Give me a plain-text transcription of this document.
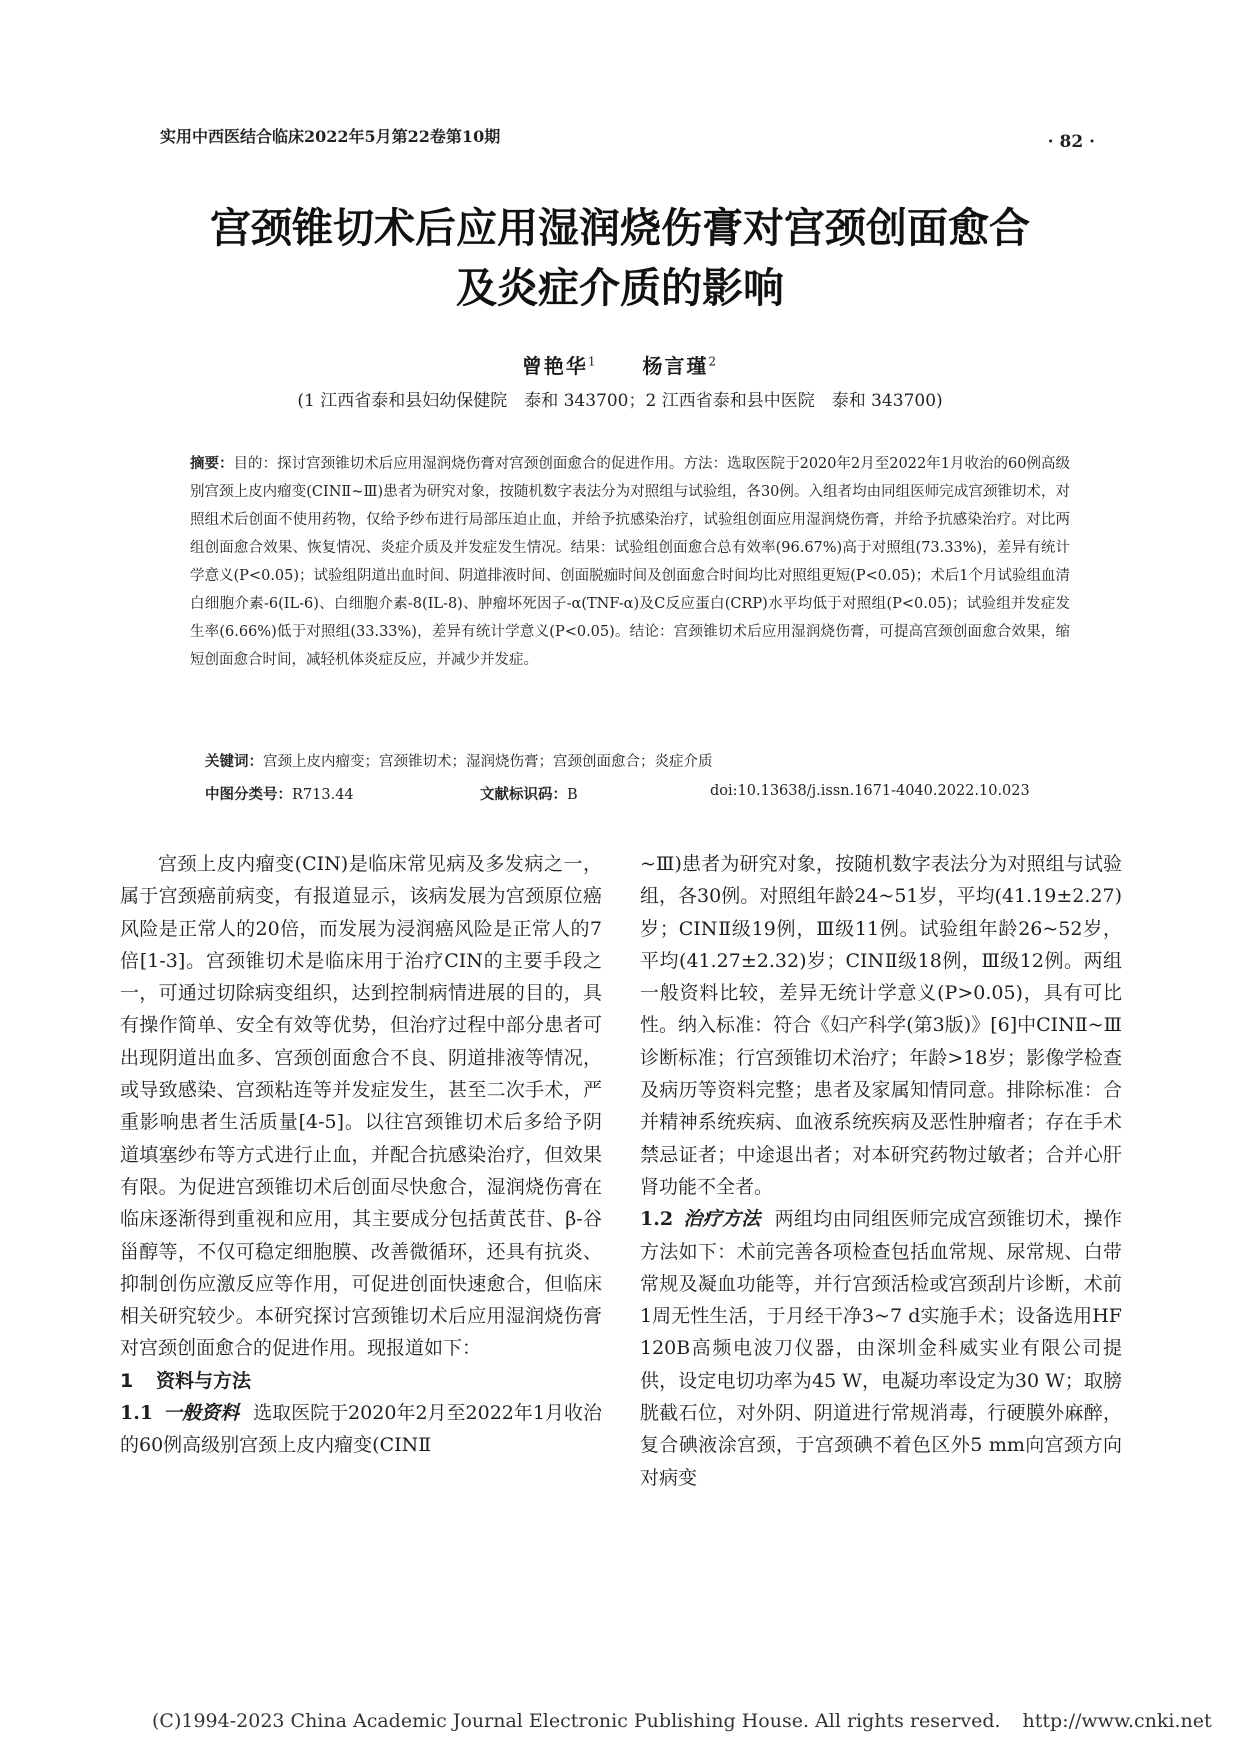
实用中西医结合临床2022年5月第22卷第10期	· 82 ·
宫颈锥切术后应用湿润烧伤膏对宫颈创面愈合
及炎症介质的影响
曾艳华$^1$ 杨言瑾$^2$
(1 江西省泰和县妇幼保健院　泰和 343700；2 江西省泰和县中医院　泰和 343700)
摘要：目的：探讨宫颈锥切术后应用湿润烧伤膏对宫颈创面愈合的促进作用。方法：选取医院于2020年2月至2022年1月收治的60例高级别宫颈上皮内瘤变(CINⅡ~Ⅲ)患者为研究对象，按随机数字表法分为对照组与试验组，各30例。入组者均由同组医师完成宫颈锥切术，对照组术后创面不使用药物，仅给予纱布进行局部压迫止血，并给予抗感染治疗，试验组创面应用湿润烧伤膏，并给予抗感染治疗。对比两组创面愈合效果、恢复情况、炎症介质及并发症发生情况。结果：试验组创面愈合总有效率(96.67%)高于对照组(73.33%)，差异有统计学意义(P<0.05)；试验组阴道出血时间、阴道排液时间、创面脱痂时间及创面愈合时间均比对照组更短(P<0.05)；术后1个月试验组血清白细胞介素-6(IL-6)、白细胞介素-8(IL-8)、肿瘤坏死因子-α(TNF-α)及C反应蛋白(CRP)水平均低于对照组(P<0.05)；试验组并发症发生率(6.66%)低于对照组(33.33%)，差异有统计学意义(P<0.05)。结论：宫颈锥切术后应用湿润烧伤膏，可提高宫颈创面愈合效果，缩短创面愈合时间，减轻机体炎症反应，并减少并发症。
关键词：宫颈上皮内瘤变；宫颈锥切术；湿润烧伤膏；宫颈创面愈合；炎症介质
中图分类号：R713.44	文献标识码：B	doi:10.13638/j.issn.1671-4040.2022.10.023

宫颈上皮内瘤变(CIN)是临床常见病及多发病之一，属于宫颈癌前病变，有报道显示，该病发展为宫颈原位癌风险是正常人的20倍，而发展为浸润癌风险是正常人的7倍[1-3]。宫颈锥切术是临床用于治疗CIN的主要手段之一，可通过切除病变组织，达到控制病情进展的目的，具有操作简单、安全有效等优势，但治疗过程中部分患者可出现阴道出血多、宫颈创面愈合不良、阴道排液等情况，或导致感染、宫颈粘连等并发症发生，甚至二次手术，严重影响患者生活质量[4-5]。以往宫颈锥切术后多给予阴道填塞纱布等方式进行止血，并配合抗感染治疗，但效果有限。为促进宫颈锥切术后创面尽快愈合，湿润烧伤膏在临床逐渐得到重视和应用，其主要成分包括黄芪苷、β-谷甾醇等，不仅可稳定细胞膜、改善微循环，还具有抗炎、抑制创伤应激反应等作用，可促进创面快速愈合，但临床相关研究较少。本研究探讨宫颈锥切术后应用湿润烧伤膏对宫颈创面愈合的促进作用。现报道如下：

1 资料与方法

1.1 一般资料 选取医院于2020年2月至2022年1月收治的60例高级别宫颈上皮内瘤变(CINⅡ

~Ⅲ)患者为研究对象，按随机数字表法分为对照组与试验组，各30例。对照组年龄24~51岁，平均(41.19±2.27)岁；CINⅡ级19例，Ⅲ级11例。试验组年龄26~52岁，平均(41.27±2.32)岁；CINⅡ级18例，Ⅲ级12例。两组一般资料比较，差异无统计学意义(P>0.05)，具有可比性。纳入标准：符合《妇产科学(第3版)》[6]中CINⅡ~Ⅲ诊断标准；行宫颈锥切术治疗；年龄>18岁；影像学检查及病历等资料完整；患者及家属知情同意。排除标准：合并精神系统疾病、血液系统疾病及恶性肿瘤者；存在手术禁忌证者；中途退出者；对本研究药物过敏者；合并心肝肾功能不全者。

1.2 治疗方法 两组均由同组医师完成宫颈锥切术，操作方法如下：术前完善各项检查包括血常规、尿常规、白带常规及凝血功能等，并行宫颈活检或宫颈刮片诊断，术前1周无性生活，于月经干净3~7 d实施手术；设备选用HF 120B高频电波刀仪器，由深圳金科威实业有限公司提供，设定电切功率为45 W，电凝功率设定为30 W；取膀胱截石位，对外阴、阴道进行常规消毒，行硬膜外麻醉，复合碘液涂宫颈，于宫颈碘不着色区外5 mm向宫颈方向对病变

(C)1994-2023 China Academic Journal Electronic Publishing House. All rights reserved. http://www.cnki.net
